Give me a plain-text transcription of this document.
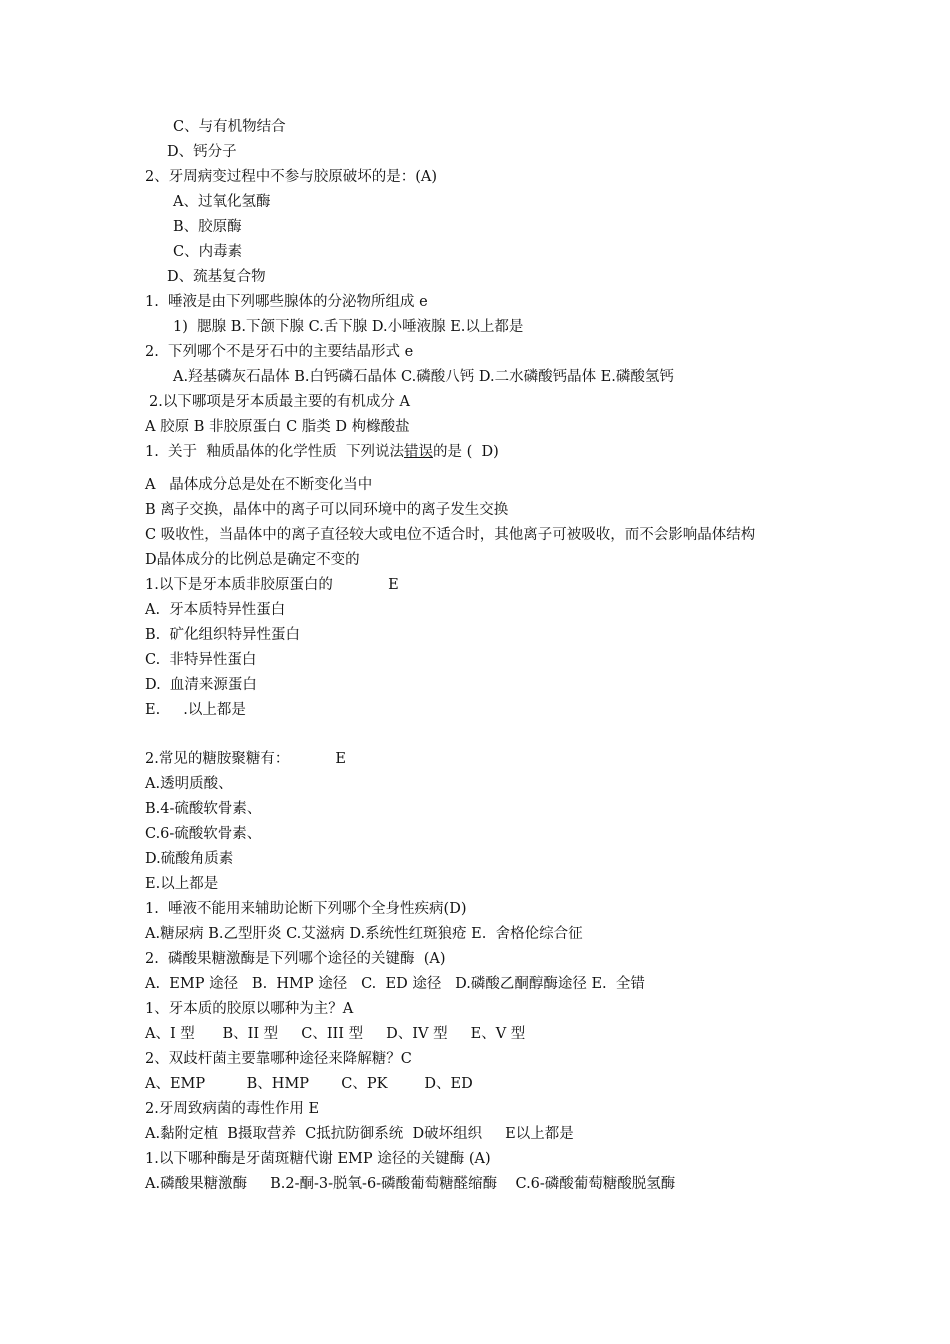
C、与有机物结合
D、钙分子
2、牙周病变过程中不参与胶原破坏的是：(A)
A、过氧化氢酶
B、胶原酶
C、内毒素
D、巯基复合物
1.  唾液是由下列哪些腺体的分泌物所组成 e
1)  腮腺 B.下颌下腺 C.舌下腺 D.小唾液腺 E.以上都是
2.  下列哪个不是牙石中的主要结晶形式 e
A.羟基磷灰石晶体 B.白钙磷石晶体 C.磷酸八钙 D.二水磷酸钙晶体 E.磷酸氢钙
2.以下哪项是牙本质最主要的有机成分 A
A 胶原 B 非胶原蛋白 C 脂类 D 枸橼酸盐
1.  关于  釉质晶体的化学性质  下列说法错误的是 (  D)
A   晶体成分总是处在不断变化当中
B 离子交换，晶体中的离子可以同环境中的离子发生交换
C 吸收性，当晶体中的离子直径较大或电位不适合时，其他离子可被吸收，而不会影响晶体结构
D晶体成分的比例总是确定不变的
1.以下是牙本质非胶原蛋白的            E
A.  牙本质特异性蛋白
B.  矿化组织特异性蛋白
C.  非特异性蛋白
D.  血清来源蛋白
E.     .以上都是
2.常见的糖胺聚糖有：          E
A.透明质酸、
B.4-硫酸软骨素、
C.6-硫酸软骨素、
D.硫酸角质素
E.以上都是
1.  唾液不能用来辅助论断下列哪个全身性疾病(D)
A.糖尿病 B.乙型肝炎 C.艾滋病 D.系统性红斑狼疮 E.  舍格伦综合征
2.  磷酸果糖激酶是下列哪个途径的关键酶  (A)
A.  EMP 途径   B.  HMP 途径   C.  ED 途径   D.磷酸乙酮醇酶途径 E.  全错
1、牙本质的胶原以哪种为主？A
A、I 型      B、II 型     C、III 型     D、IV 型     E、V 型
2、双歧杆菌主要靠哪种途径来降解糖？C
A、EMP         B、HMP       C、PK        D、ED
2.牙周致病菌的毒性作用 E
A.黏附定植  B摄取营养  C抵抗防御系统  D破坏组织     E以上都是
1.以下哪种酶是牙菌斑糖代谢 EMP 途径的关键酶 (A)
A.磷酸果糖激酶     B.2-酮-3-脱氧-6-磷酸葡萄糖醛缩酶    C.6-磷酸葡萄糖酸脱氢酶
